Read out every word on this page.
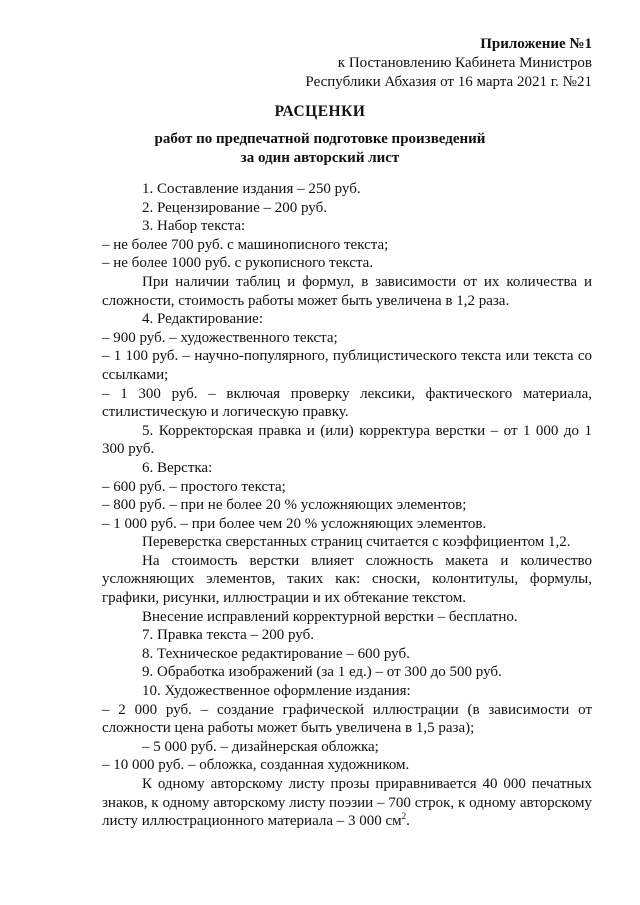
Приложение №1
к Постановлению Кабинета Министров
Республики Абхазия от 16 марта 2021 г. №21
РАСЦЕНКИ
работ по предпечатной подготовке произведений
за один авторский лист

1. Составление издания – 250 руб.

2. Рецензирование – 200 руб.

3. Набор текста:

– не более 700 руб. с машинописного текста;

– не более 1000 руб. с рукописного текста.

При наличии таблиц и формул, в зависимости от их количества и сложности, стоимость работы может быть увеличена в 1,2 раза.

4. Редактирование:

– 900 руб. – художественного текста;

– 1 100 руб. – научно-популярного, публицистического текста или текста со ссылками;

– 1 300 руб. – включая проверку лексики, фактического материала, стилистическую и логическую правку.

5. Корректорская правка и (или) корректура верстки – от 1 000 до 1 300 руб.

6. Верстка:

– 600 руб. – простого текста;

– 800 руб. – при не более 20 % усложняющих элементов;

– 1 000 руб. – при более чем 20 % усложняющих элементов.

Переверстка сверстанных страниц считается с коэффициентом 1,2.

На стоимость верстки влияет сложность макета и количество усложняющих элементов, таких как: сноски, колонтитулы, формулы, графики, рисунки, иллюстрации и их обтекание текстом.

Внесение исправлений корректурной верстки – бесплатно.

7. Правка текста – 200 руб.

8. Техническое редактирование – 600 руб.

9. Обработка изображений (за 1 ед.) – от 300 до 500 руб.

10. Художественное оформление издания:

– 2 000 руб. – создание графической иллюстрации (в зависимости от сложности цена работы может быть увеличена в 1,5 раза);

– 5 000 руб. – дизайнерская обложка;

– 10 000 руб. – обложка, созданная художником.

К одному авторскому листу прозы приравнивается 40 000 печатных знаков, к одному авторскому листу поэзии – 700 строк, к одному авторскому листу иллюстрационного материала – 3 000 $см^2$.
